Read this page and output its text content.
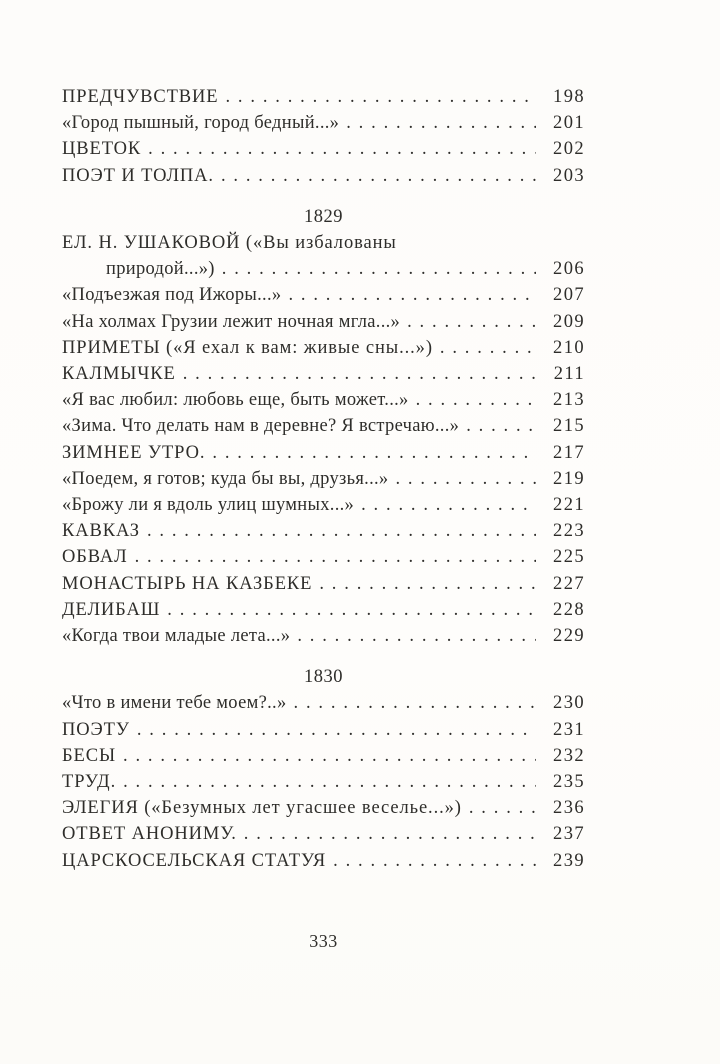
ПРЕДЧУВСТВИЕ . . .	198
«Город пышный, город бедный...» . . .	201
ЦВЕТОК . . .	202
ПОЭТ И ТОЛПА. . . .	203
1829
ЕЛ. Н. УШАКОВОЙ («Вы избалованы
природой...») . . .	206
«Подъезжая под Ижоры...» . . .	207
«На холмах Грузии лежит ночная мгла...» . . .	209
ПРИМЕТЫ («Я ехал к вам: живые сны...») . . .	210
КАЛМЫЧКЕ . . .	211
«Я вас любил: любовь еще, быть может...» . . .	213
«Зима. Что делать нам в деревне? Я встречаю...» . . .	215
ЗИМНЕЕ УТРО. . . .	217
«Поедем, я готов; куда бы вы, друзья...» . . .	219
«Брожу ли я вдоль улиц шумных...» . . .	221
КАВКАЗ . . .	223
ОБВАЛ . . .	225
МОНАСТЫРЬ НА КАЗБЕКЕ . . .	227
ДЕЛИБАШ . . .	228
«Когда твои младые лета...» . . .	229
1830
«Что в имени тебе моем?..» . . .	230
ПОЭТУ . . .	231
БЕСЫ . . .	232
ТРУД. . . .	235
ЭЛЕГИЯ («Безумных лет угасшее веселье...») . . .	236
ОТВЕТ АНОНИМУ. . . .	237
ЦАРСКОСЕЛЬСКАЯ СТАТУЯ . . .	239
333
